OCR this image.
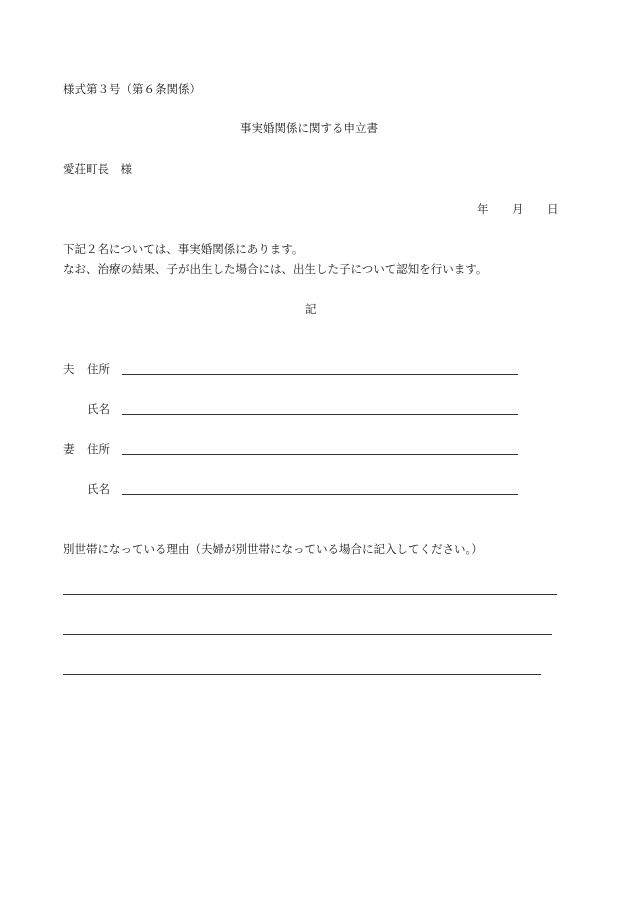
様式第３号（第６条関係）
事実婚関係に関する申立書
愛荘町長　様
年 月 日
下記２名については、事実婚関係にあります。
なお、治療の結果、子が出生した場合には、出生した子について認知を行います。
記
夫 住所
氏名
妻 住所
氏名
別世帯になっている理由（夫婦が別世帯になっている場合に記入してください。）
